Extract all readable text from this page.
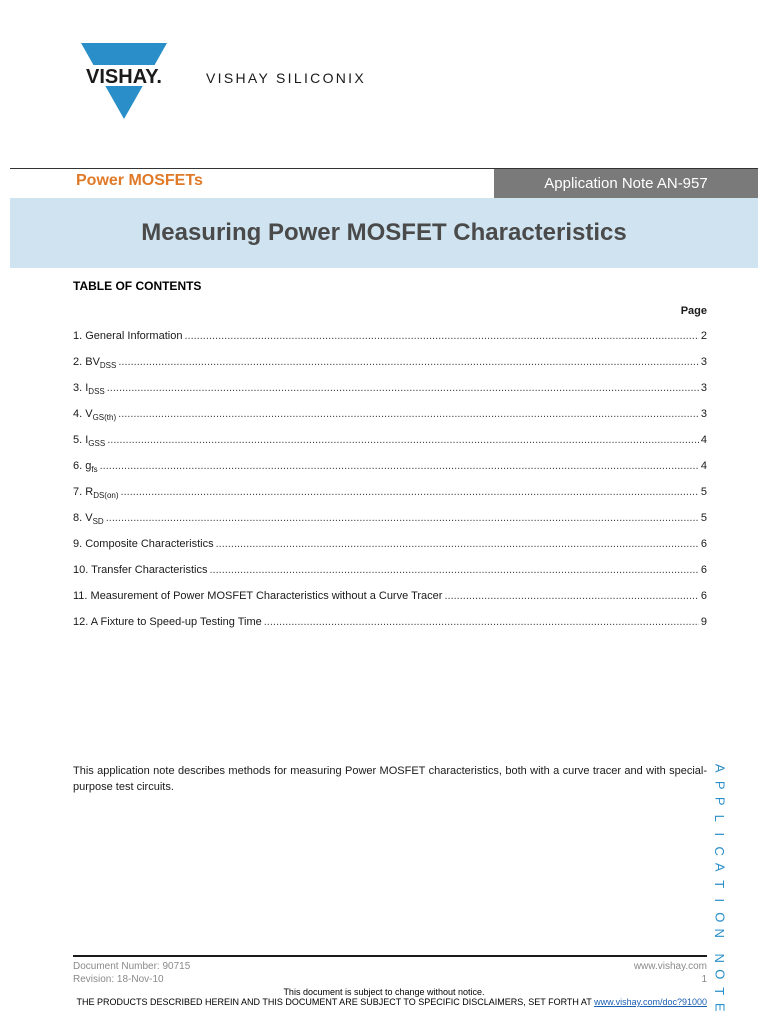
VISHAY.	VISHAY SILICONIX
Power MOSFETs	Application Note AN-957
Measuring Power MOSFET Characteristics
TABLE OF CONTENTS
Page
1. General Information .....	2
2. $BV_{DSS}$ .....	3
3. $I_{DSS}$ .....	3
4. $V_{GS(th)}$ .....	3
5. $I_{GSS}$ .....	4
6. $g_{fs}$ .....	4
7. $R_{DS(on)}$ .....	5
8. $V_{SD}$ .....	5
9. Composite Characteristics .....	6
10. Transfer Characteristics .....	6
11. Measurement of Power MOSFET Characteristics without a Curve Tracer .....	6
12. A Fixture to Speed-up Testing Time .....	9
This application note describes methods for measuring Power MOSFET characteristics, both with a curve tracer and with special-purpose test circuits.
A
P
P
L
I
C
A
T
I
O
N
N
O
T
E
Document Number: 90715
Revision: 18-Nov-10
www.vishay.com
1
This document is subject to change without notice.
THE PRODUCTS DESCRIBED HEREIN AND THIS DOCUMENT ARE SUBJECT TO SPECIFIC DISCLAIMERS, SET FORTH AT www.vishay.com/doc?91000
